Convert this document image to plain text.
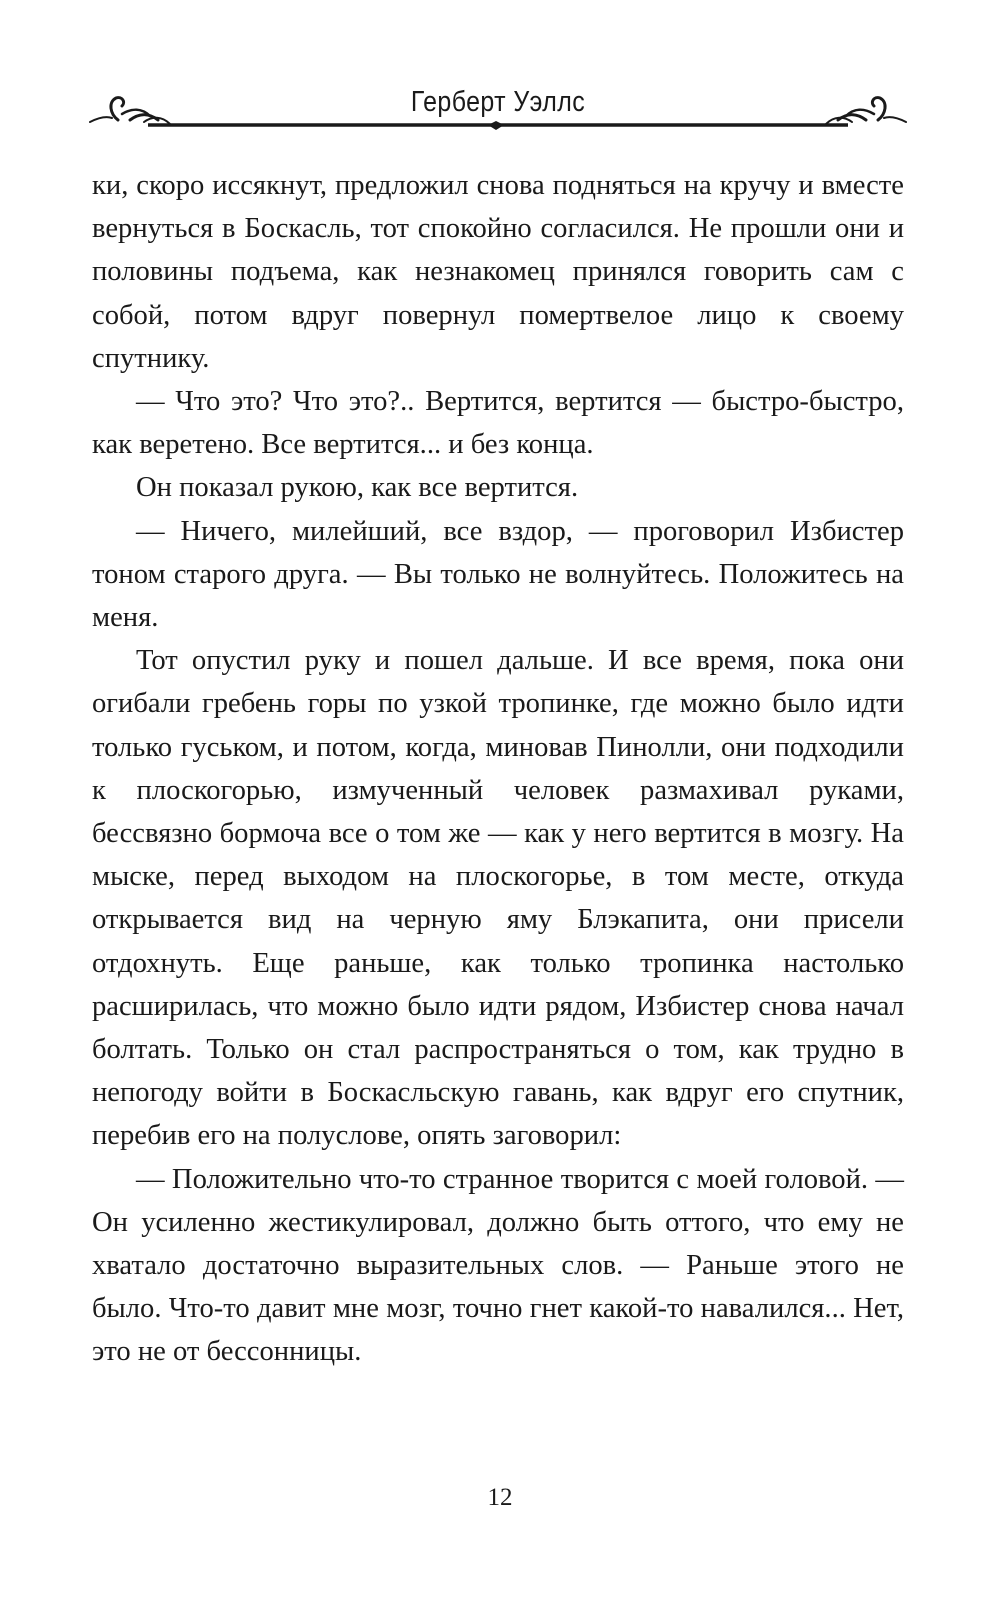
Герберт Уэллс

ки, скоро иссякнут, предложил снова подняться на кручу и вместе вернуться в Боскасль, тот спокойно согласился. Не прошли они и половины подъема, как незнакомец принялся говорить сам с собой, потом вдруг повернул помертвелое лицо к своему спутнику.

— Что это? Что это?.. Вертится, вертится — быстро-быстро, как веретено. Все вертится... и без конца.

Он показал рукою, как все вертится.

— Ничего, милейший, все вздор, — проговорил Избистер тоном старого друга. — Вы только не волнуйтесь. Положитесь на меня.

Тот опустил руку и пошел дальше. И все время, пока они огибали гребень горы по узкой тропинке, где можно было идти только гуськом, и потом, когда, миновав Пинолли, они подходили к плоскогорью, измученный человек размахивал руками, бессвязно бормоча все о том же — как у него вертится в мозгу. На мыске, перед выходом на плоскогорье, в том месте, откуда открывается вид на черную яму Блэкапита, они присели отдохнуть. Еще раньше, как только тропинка настолько расширилась, что можно было идти рядом, Избистер снова начал болтать. Только он стал распространяться о том, как трудно в непогоду войти в Боскасльскую гавань, как вдруг его спутник, перебив его на полуслове, опять заговорил:

— Положительно что-то странное творится с моей головой. — Он усиленно жестикулировал, должно быть оттого, что ему не хватало достаточно выразительных слов. — Раньше этого не было. Что-то давит мне мозг, точно гнет какой-то навалился... Нет, это не от бессонницы.

12
